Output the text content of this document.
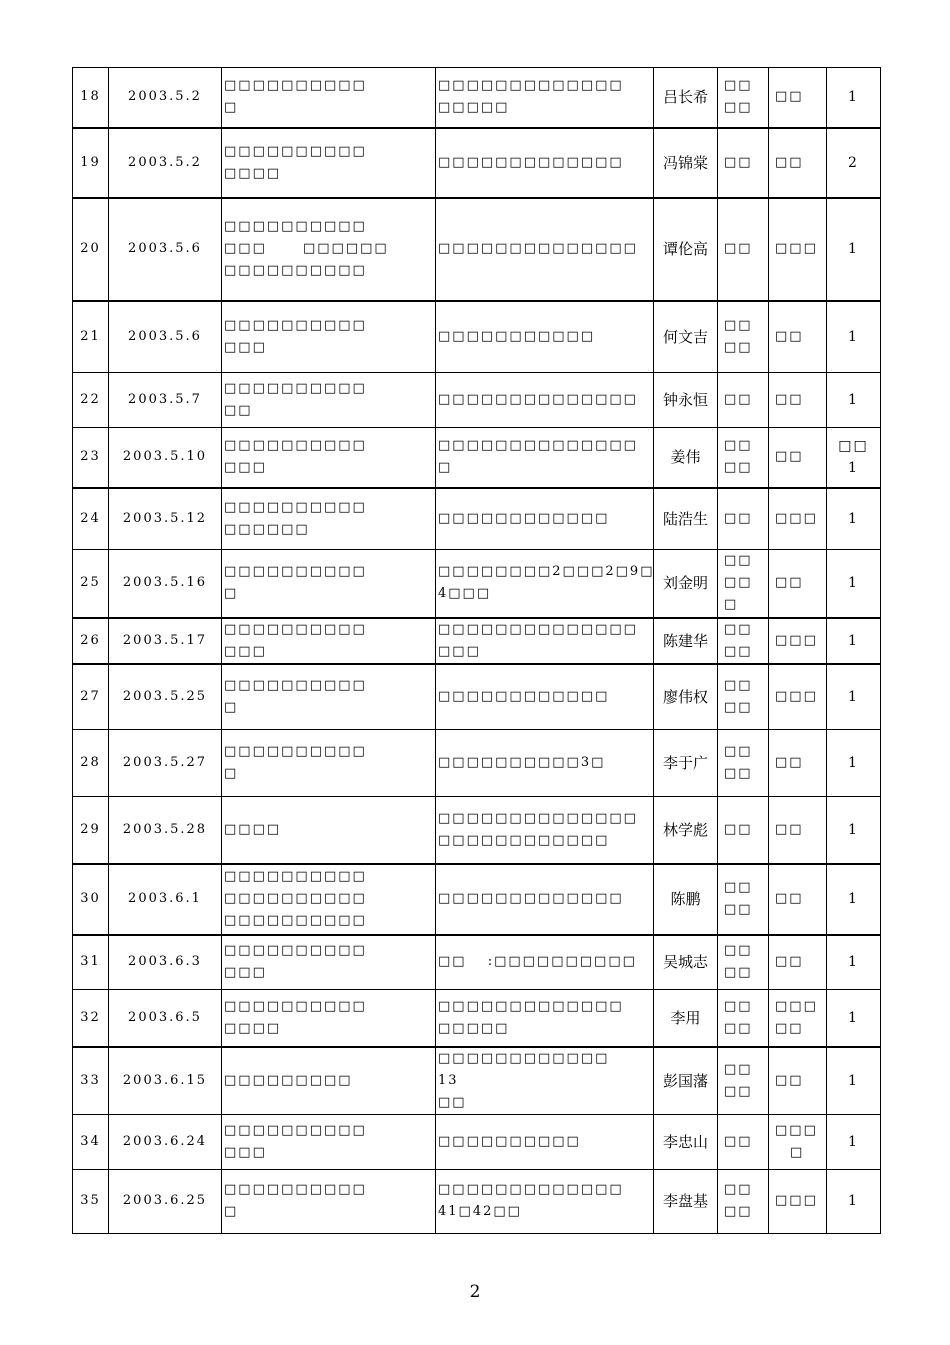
18	2003.5.2	□□□□□□□□□□
□	□□□□□□□□□□□□□
□□□□□	吕长希	□□
□□	□□	1
19	2003.5.2	□□□□□□□□□□
□□□□	□□□□□□□□□□□□□	冯锦棠	□□	□□	2
20	2003.5.6	□□□□□□□□□□
□□□　　 □□□□□□
□□□□□□□□□□	□□□□□□□□□□□□□□	谭伦高	□□	□□□	1
21	2003.5.6	□□□□□□□□□□
□□□	□□□□□□□□□□□	何文吉	□□
□□	□□	1
22	2003.5.7	□□□□□□□□□□
□□	□□□□□□□□□□□□□□	钟永恒	□□	□□	1
23	2003.5.10	□□□□□□□□□□
□□□	□□□□□□□□□□□□□□
□	姜伟	□□
□□	□□	□□　1
24	2003.5.12	□□□□□□□□□□
□□□□□□	□□□□□□□□□□□□	陆浩生	□□	□□□	1
25	2003.5.16	□□□□□□□□□□
□	□□□□□□□□2□□□2□9□
4□□□	刘金明	□□
□□
□	□□	1
26	2003.5.17	□□□□□□□□□□
□□□	□□□□□□□□□□□□□□
□□□	陈建华	□□
□□	□□□	1
27	2003.5.25	□□□□□□□□□□
□	□□□□□□□□□□□□	廖伟权	□□
□□	□□□	1
28	2003.5.27	□□□□□□□□□□
□	□□□□□□□□□□3□	李于广	□□
□□	□□	1
29	2003.5.28	□□□□	□□□□□□□□□□□□□□
□□□□□□□□□□□□	林学彪	□□	□□	1
30	2003.6.1	□□□□□□□□□□
□□□□□□□□□□
□□□□□□□□□□	□□□□□□□□□□□□□	陈鹏	□□
□□	□□	1
31	2003.6.3	□□□□□□□□□□
□□□	□□　 :□□□□□□□□□□	吴城志	□□
□□	□□	1
32	2003.6.5	□□□□□□□□□□
□□□□	□□□□□□□□□□□□□
□□□□□	李用	□□
□□	□□□
□□	1
33	2003.6.15	□□□□□□□□□	□□□□□□□□□□□□　　　　　　13
□□	彭国藩	□□
□□	□□	1
34	2003.6.24	□□□□□□□□□□
□□□	□□□□□□□□□□	李忠山	□□	□□□
　□	1
35	2003.6.25	□□□□□□□□□□
□	□□□□□□□□□□□□□
41□42□□	李盘基	□□
□□	□□□	1
2
